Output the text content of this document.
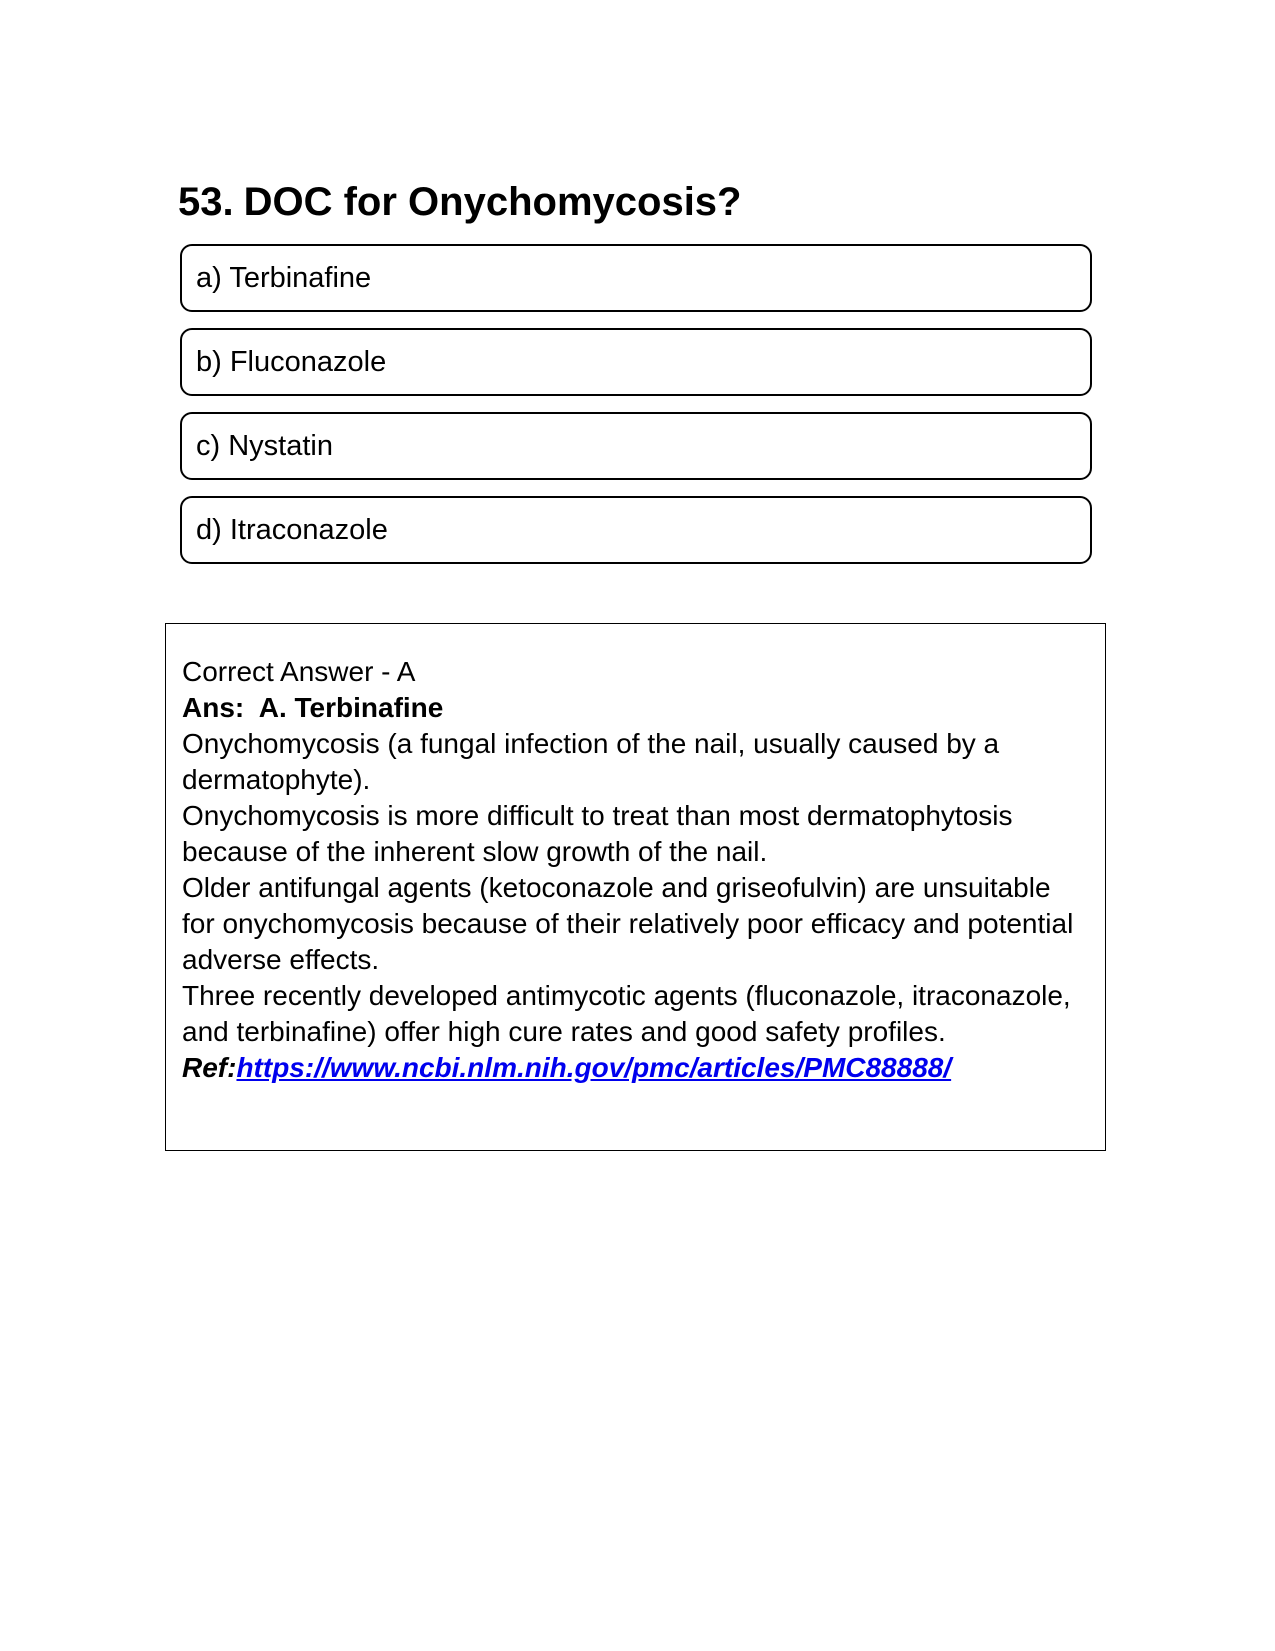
53. DOC for Onychomycosis?
a) Terbinafine
b) Fluconazole
c) Nystatin
d) Itraconazole

Correct Answer - A

Ans:  A. Terbinafine

Onychomycosis (a fungal infection of the nail, usually caused by a dermatophyte).

Onychomycosis is more difficult to treat than most dermatophytosis because of the inherent slow growth of the nail.

Older antifungal agents (ketoconazole and griseofulvin) are unsuitable for onychomycosis because of their relatively poor efficacy and potential adverse effects.

Three recently developed antimycotic agents (fluconazole, itraconazole, and terbinafine) offer high cure rates and good safety profiles.

Ref:https://www.ncbi.nlm.nih.gov/pmc/articles/PMC88888/
